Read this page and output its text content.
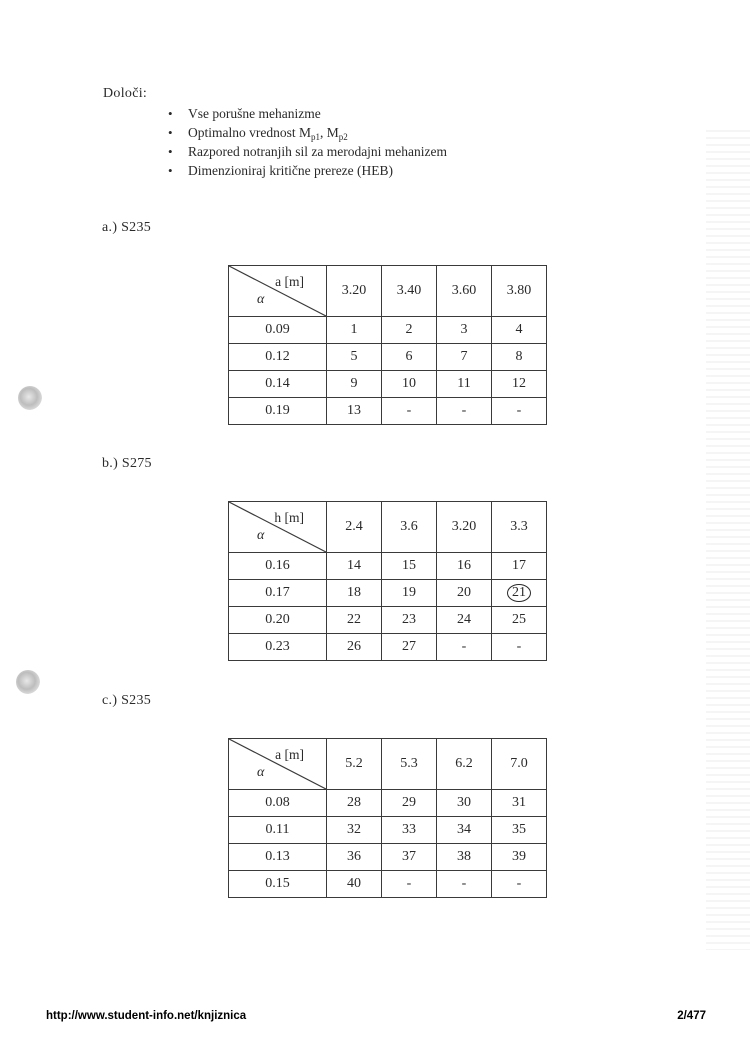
Določi:
• Vse porušne mehanizme
• Optimalno vrednost $M_{p1}$, $M_{p2}$
• Razpored notranjih sil za merodajni mehanizem
• Dimenzioniraj kritične prereze (HEB)
a.) S235
a [m]
α	3.20	3.40	3.60	3.80
0.09	1	2	3	4
0.12	5	6	7	8
0.14	9	10	11	12
0.19	13	-	-	-
b.) S275
h [m]
α	2.4	3.6	3.20	3.3
0.16	14	15	16	17
0.17	18	19	20	21
0.20	22	23	24	25
0.23	26	27	-	-
c.) S235
a [m]
α	5.2	5.3	6.2	7.0
0.08	28	29	30	31
0.11	32	33	34	35
0.13	36	37	38	39
0.15	40	-	-	-
http://www.student-info.net/knjiznica	2/477
